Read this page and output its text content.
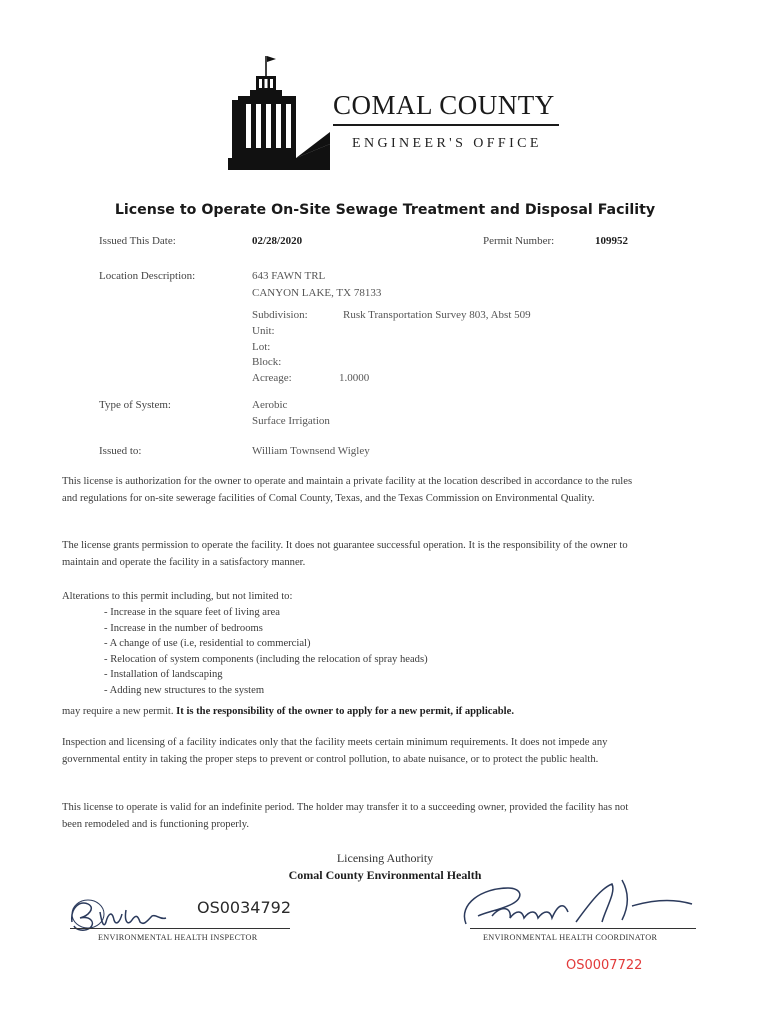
COMAL COUNTY
ENGINEER'S OFFICE
License to Operate On-Site Sewage Treatment and Disposal Facility
Issued This Date:	02/28/2020	Permit Number:	109952
Location Description:	643 FAWN TRL
CANYON LAKE, TX 78133
Subdivision:	Rusk Transportation Survey 803, Abst 509
Unit:
Lot:
Block:
Acreage:	1.0000
Type of System:	Aerobic
Surface Irrigation
Issued to:	William Townsend Wigley
This license is authorization for the owner to operate and maintain a private facility at the location described in accordance to the rules and regulations for on-site sewerage facilities of Comal County, Texas, and the Texas Commission on Environmental Quality.
The license grants permission to operate the facility. It does not guarantee successful operation. It is the responsibility of the owner to maintain and operate the facility in a satisfactory manner.
Alterations to this permit including, but not limited to:
- Increase in the square feet of living area
- Increase in the number of bedrooms
- A change of use (i.e, residential to commercial)
- Relocation of system components (including the relocation of spray heads)
- Installation of landscaping
- Adding new structures to the system
may require a new permit. It is the responsibility of the owner to apply for a new permit, if applicable.
Inspection and licensing of a facility indicates only that the facility meets certain minimum requirements. It does not impede any governmental entity in taking the proper steps to prevent or control pollution, to abate nuisance, or to protect the public health.
This license to operate is valid for an indefinite period. The holder may transfer it to a succeeding owner, provided the facility has not been remodeled and is functioning properly.
Licensing Authority
Comal County Environmental Health
OS0034792
ENVIRONMENTAL HEALTH INSPECTOR	ENVIRONMENTAL HEALTH COORDINATOR
OS0007722
